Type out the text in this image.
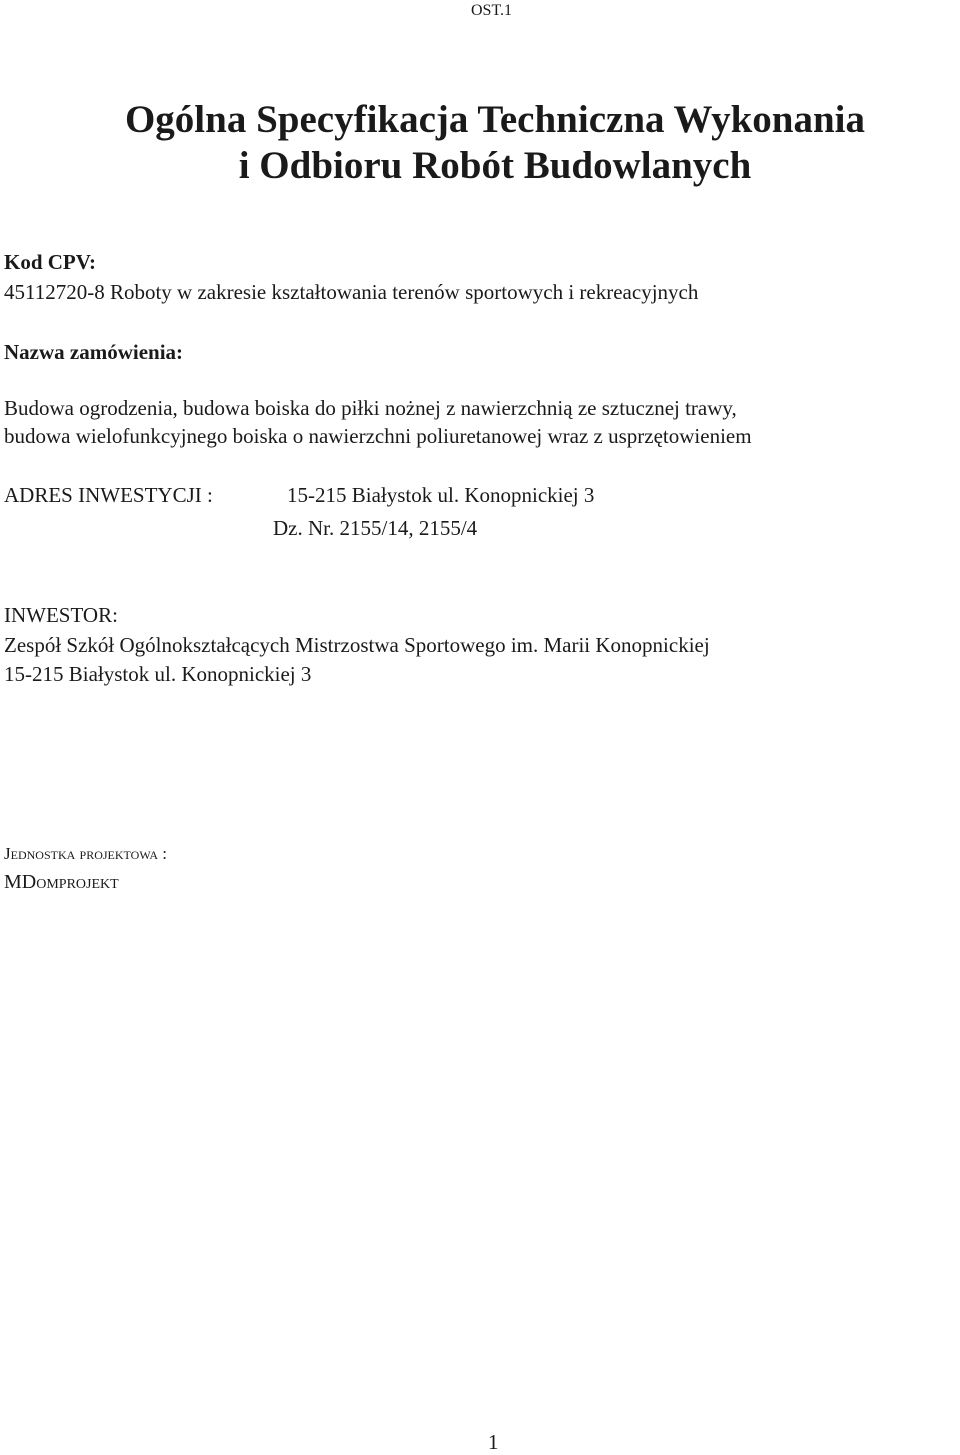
OST.1
Ogólna Specyfikacja Techniczna Wykonania
i Odbioru Robót Budowlanych
Kod CPV:
45112720-8 Roboty w zakresie kształtowania terenów sportowych i rekreacyjnych
Nazwa zamówienia:
Budowa ogrodzenia, budowa boiska do piłki nożnej z nawierzchnią ze sztucznej trawy,
budowa wielofunkcyjnego boiska o nawierzchni poliuretanowej wraz z usprzętowieniem
ADRES INWESTYCJI :	15-215 Białystok ul. Konopnickiej 3
Dz. Nr. 2155/14, 2155/4
INWESTOR:
Zespół Szkół Ogólnokształcących Mistrzostwa Sportowego im. Marii Konopnickiej
15-215 Białystok ul. Konopnickiej 3
Jednostka projektowa :
MDomprojekt
1
